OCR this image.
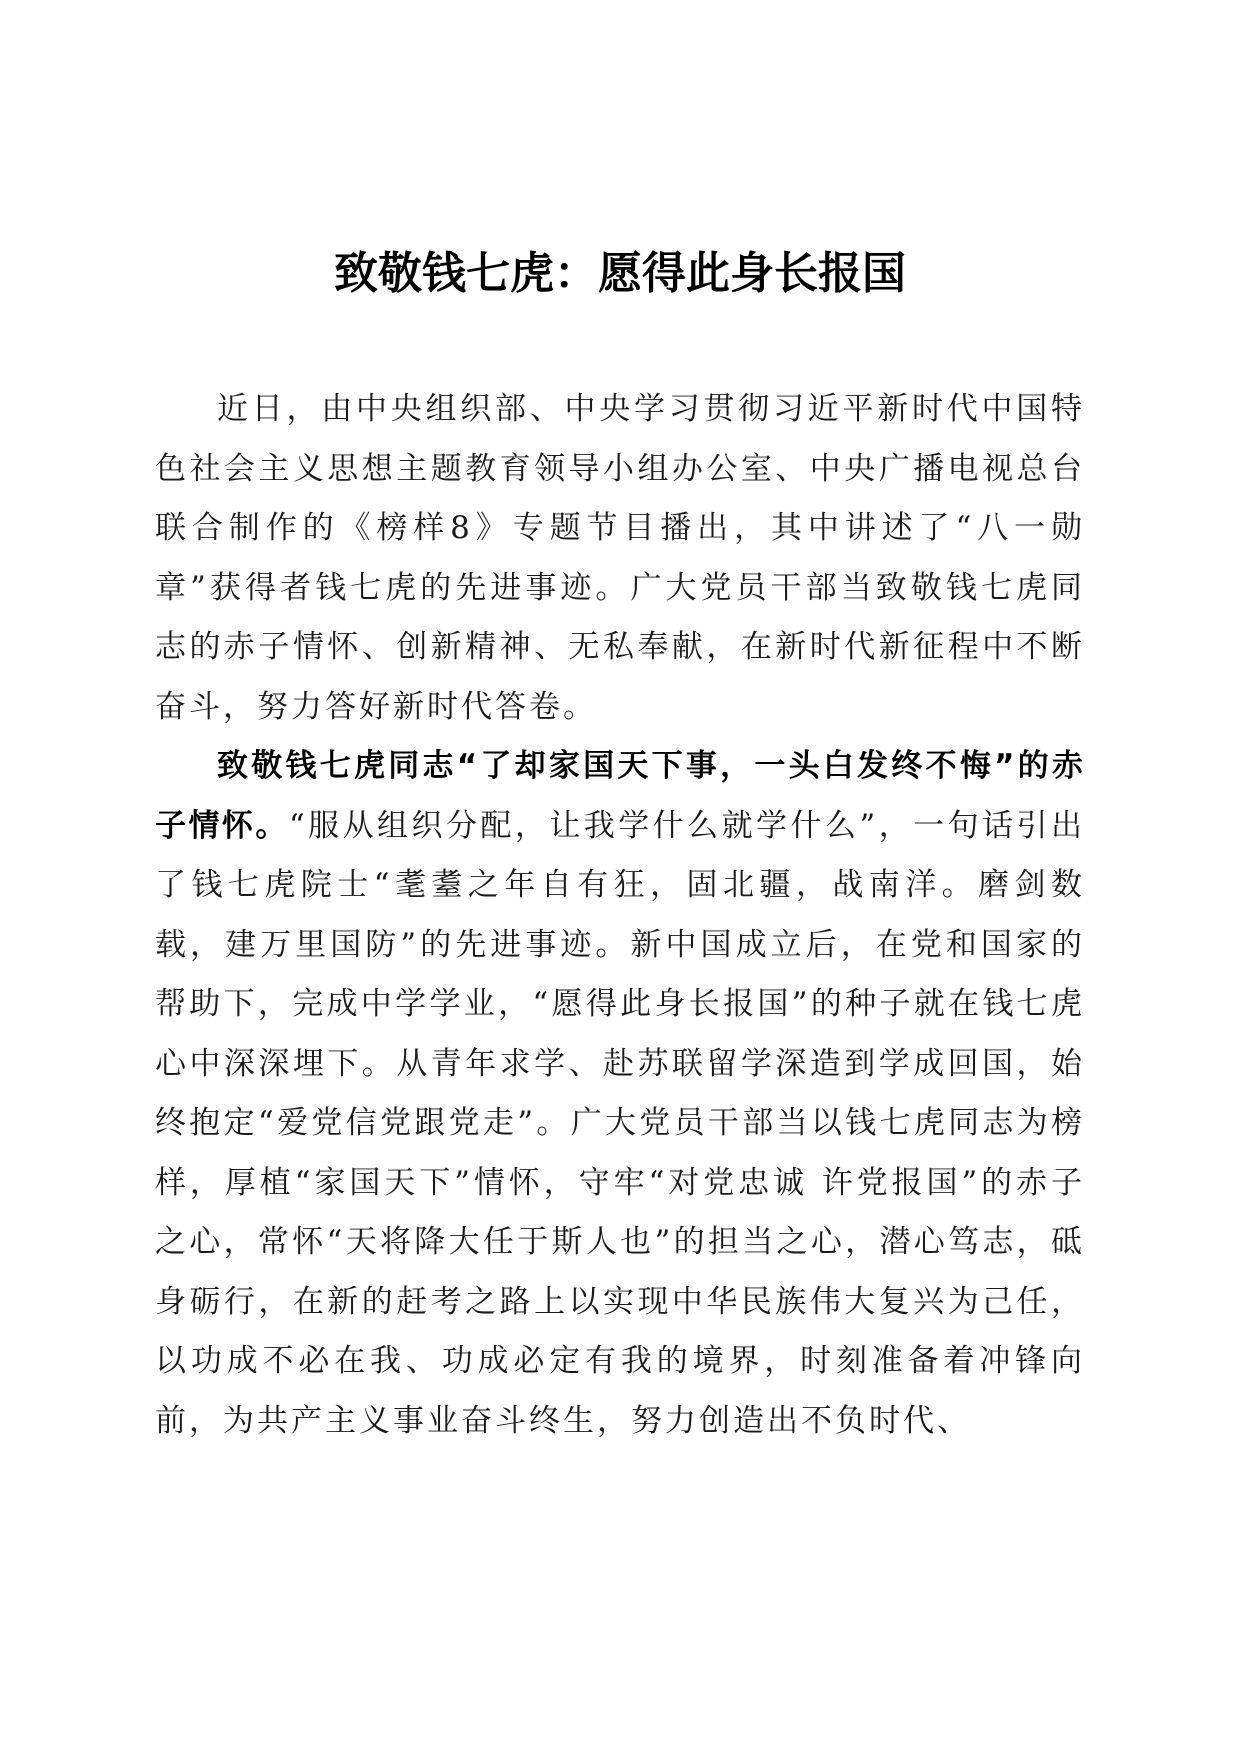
致敬钱七虎：愿得此身长报国

近日，由中央组织部、中央学习贯彻习近平新时代中国特色社会主义思想主题教育领导小组办公室、中央广播电视总台联合制作的《榜样8》专题节目播出，其中讲述了“八一勋章”获得者钱七虎的先进事迹。广大党员干部当致敬钱七虎同志的赤子情怀、创新精神、无私奉献，在新时代新征程中不断奋斗，努力答好新时代答卷。

致敬钱七虎同志“了却家国天下事，一头白发终不悔”的赤子情怀。“服从组织分配，让我学什么就学什么”，一句话引出了钱七虎院士“耄耋之年自有狂，固北疆，战南洋。磨剑数载，建万里国防”的先进事迹。新中国成立后，在党和国家的帮助下，完成中学学业，“愿得此身长报国”的种子就在钱七虎心中深深埋下。从青年求学、赴苏联留学深造到学成回国，始终抱定“爱党信党跟党走”。广大党员干部当以钱七虎同志为榜样，厚植“家国天下”情怀，守牢“对党忠诚 许党报国”的赤子之心，常怀“天将降大任于斯人也”的担当之心，潜心笃志，砥身砺行，在新的赶考之路上以实现中华民族伟大复兴为己任，以功成不必在我、功成必定有我的境界，时刻准备着冲锋向前，为共产主义事业奋斗终生，努力创造出不负时代、
